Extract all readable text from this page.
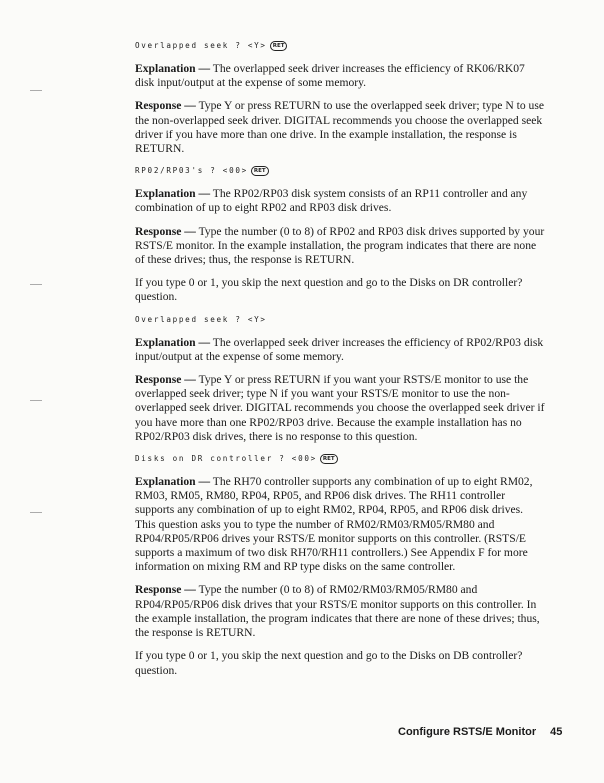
Overlapped seek ? <Y> RET

Explanation — The overlapped seek driver increases the efficiency of RK06/RK07 disk input/output at the expense of some memory.

Response — Type Y or press RETURN to use the overlapped seek driver; type N to use the non-overlapped seek driver. DIGITAL recommends you choose the overlapped seek driver if you have more than one drive. In the example installation, the response is RETURN.

RP02/RP03's ? <00> RET

Explanation — The RP02/RP03 disk system consists of an RP11 controller and any combination of up to eight RP02 and RP03 disk drives.

Response — Type the number (0 to 8) of RP02 and RP03 disk drives supported by your RSTS/E monitor. In the example installation, the program indicates that there are none of these drives; thus, the response is RETURN.

If you type 0 or 1, you skip the next question and go to the Disks on DR controller? question.

Overlapped seek ? <Y>

Explanation — The overlapped seek driver increases the efficiency of RP02/RP03 disk input/output at the expense of some memory.

Response — Type Y or press RETURN if you want your RSTS/E monitor to use the overlapped seek driver; type N if you want your RSTS/E monitor to use the non-overlapped seek driver. DIGITAL recommends you choose the overlapped seek driver if you have more than one RP02/RP03 drive. Because the example installation has no RP02/RP03 disk drives, there is no response to this question.

Disks on DR controller ? <00> RET

Explanation — The RH70 controller supports any combination of up to eight RM02, RM03, RM05, RM80, RP04, RP05, and RP06 disk drives. The RH11 controller supports any combination of up to eight RM02, RP04, RP05, and RP06 disk drives. This question asks you to type the number of RM02/RM03/RM05/RM80 and RP04/RP05/RP06 drives your RSTS/E monitor supports on this controller. (RSTS/E supports a maximum of two disk RH70/RH11 controllers.) See Appendix F for more information on mixing RM and RP type disks on the same controller.

Response — Type the number (0 to 8) of RM02/RM03/RM05/RM80 and RP04/RP05/RP06 disk drives that your RSTS/E monitor supports on this controller. In the example installation, the program indicates that there are none of these drives; thus, the response is RETURN.

If you type 0 or 1, you skip the next question and go to the Disks on DB controller? question.

Configure RSTS/E Monitor 45
